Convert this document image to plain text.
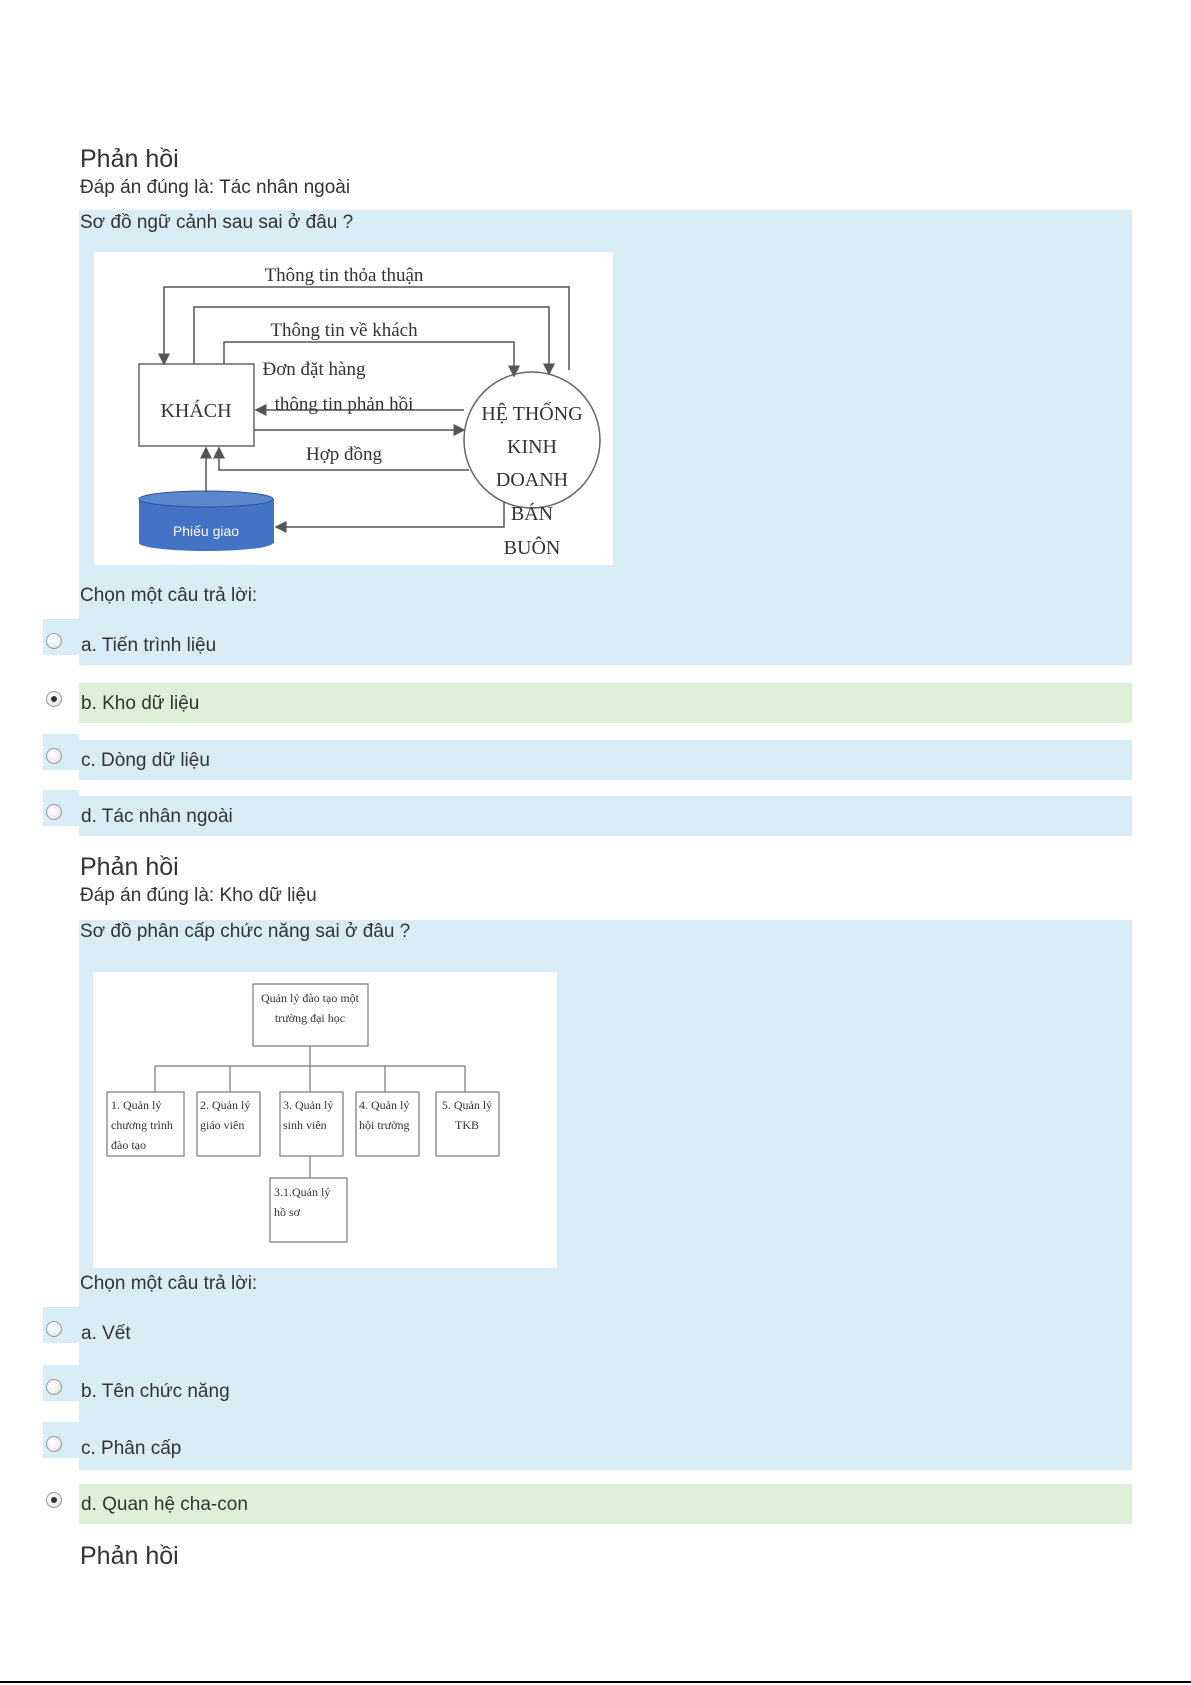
Phản hồi
Đáp án đúng là: Tác nhân ngoài
Sơ đồ ngữ cảnh sau sai ở đâu ?
KHÁCH	HỆ THỐNG
KINH
DOANH
BÁN
BUÔN
Phiếu giao
Thông tin thỏa thuận
Thông tin về khách
Đơn đặt hàng
thông tin phản hồi
Hợp đồng
Chọn một câu trả lời:
a. Tiến trình liệu
b. Kho dữ liệu
c. Dòng dữ liệu
d. Tác nhân ngoài
Phản hồi
Đáp án đúng là: Kho dữ liệu
Sơ đồ phân cấp chức năng sai ở đâu ?
Quản lý đào tạo một
trường đại học
1. Quản lý
chương trình
đào tạo
2. Quản lý
giáo viên
3. Quản lý
sinh viên
4. Quản lý
hội trường
5. Quản lý
TKB
3.1.Quản lý
hồ sơ
Chọn một câu trả lời:
a. Vết
b. Tên chức năng
c. Phân cấp
d. Quan hệ cha-con
Phản hồi
